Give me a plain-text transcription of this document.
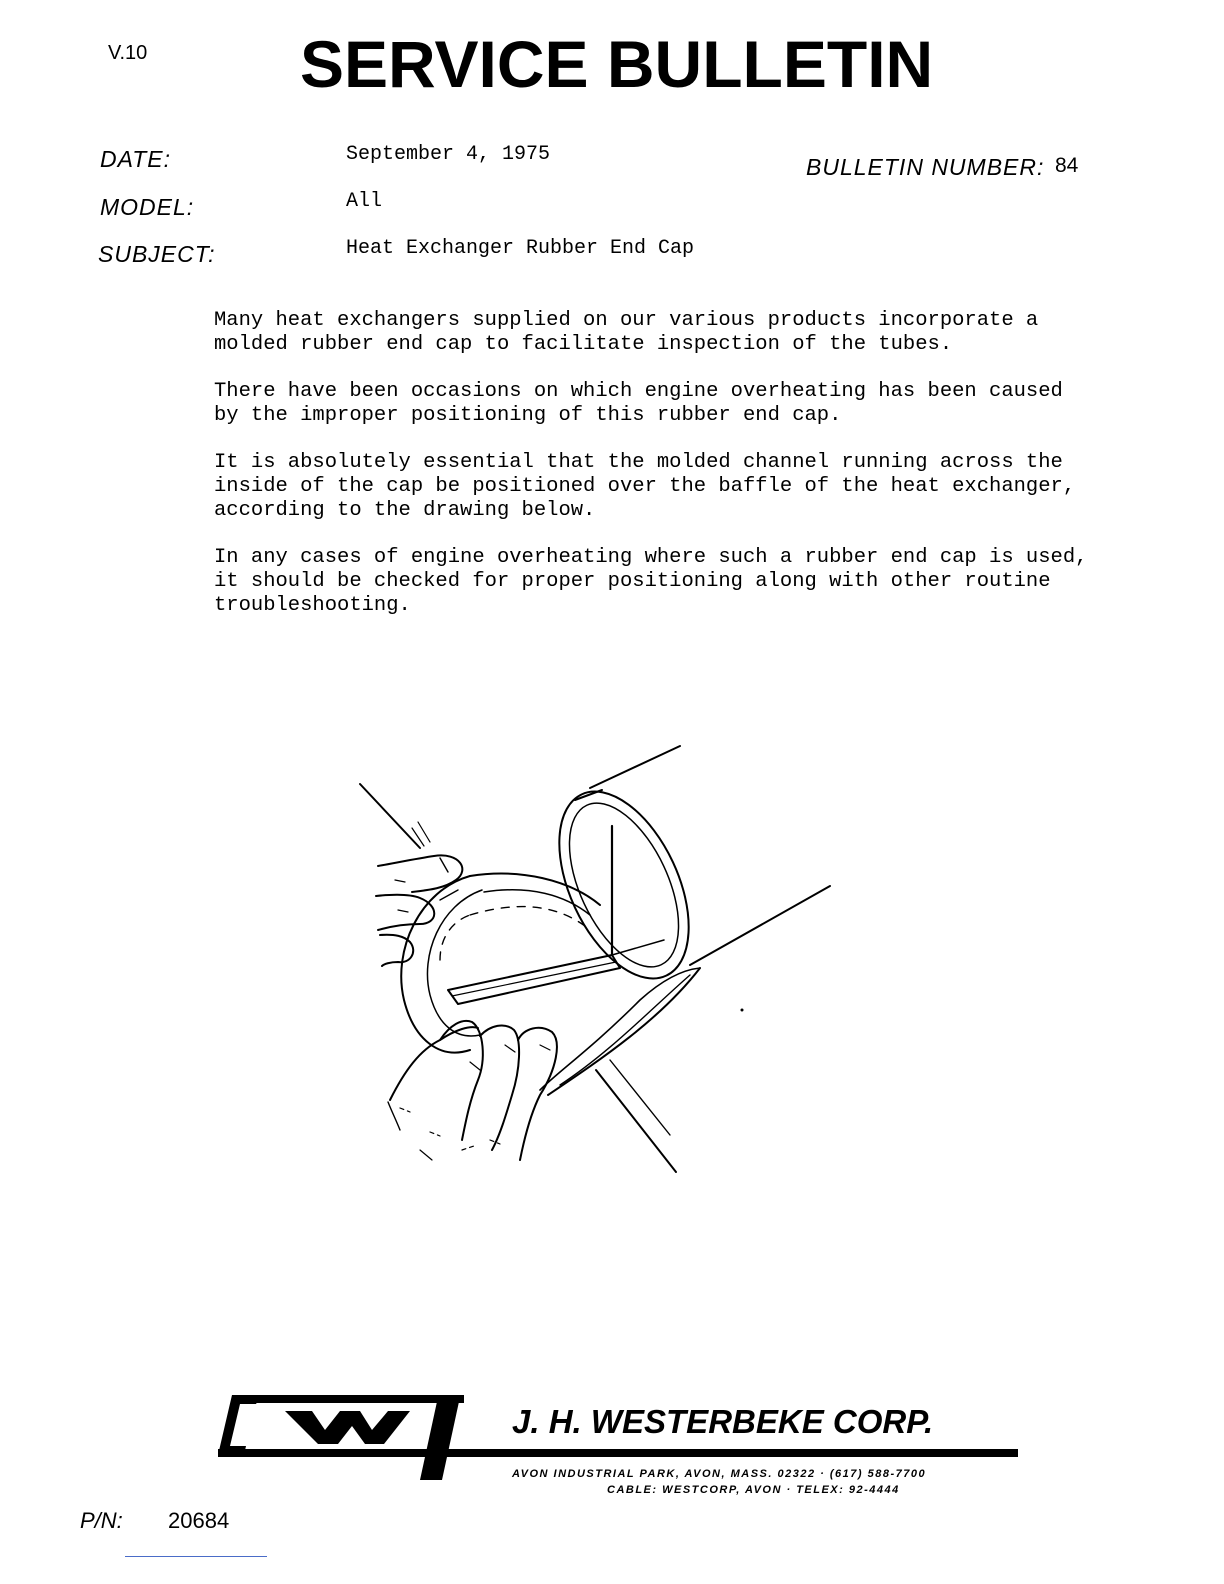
V.10 SERVICE BULLETIN
DATE:	September 4, 1975
MODEL:	All
SUBJECT:	Heat Exchanger Rubber End Cap
BULLETIN NUMBER: 84

Many heat exchangers supplied on our various products incorporate a
molded rubber end cap to facilitate inspection of the tubes.

There have been occasions on which engine overheating has been caused
by the improper positioning of this rubber end cap.

It is absolutely essential that the molded channel running across the
inside of the cap be positioned over the baffle of the heat exchanger,
according to the drawing below.

In any cases of engine overheating where such a rubber end cap is used,
it should be checked for proper positioning along with other routine
troubleshooting.

J. H. WESTERBEKE CORP.
AVON INDUSTRIAL PARK, AVON, MASS. 02322 · (617) 588-7700
CABLE: WESTCORP, AVON · TELEX: 92-4444
P/N: 20684
